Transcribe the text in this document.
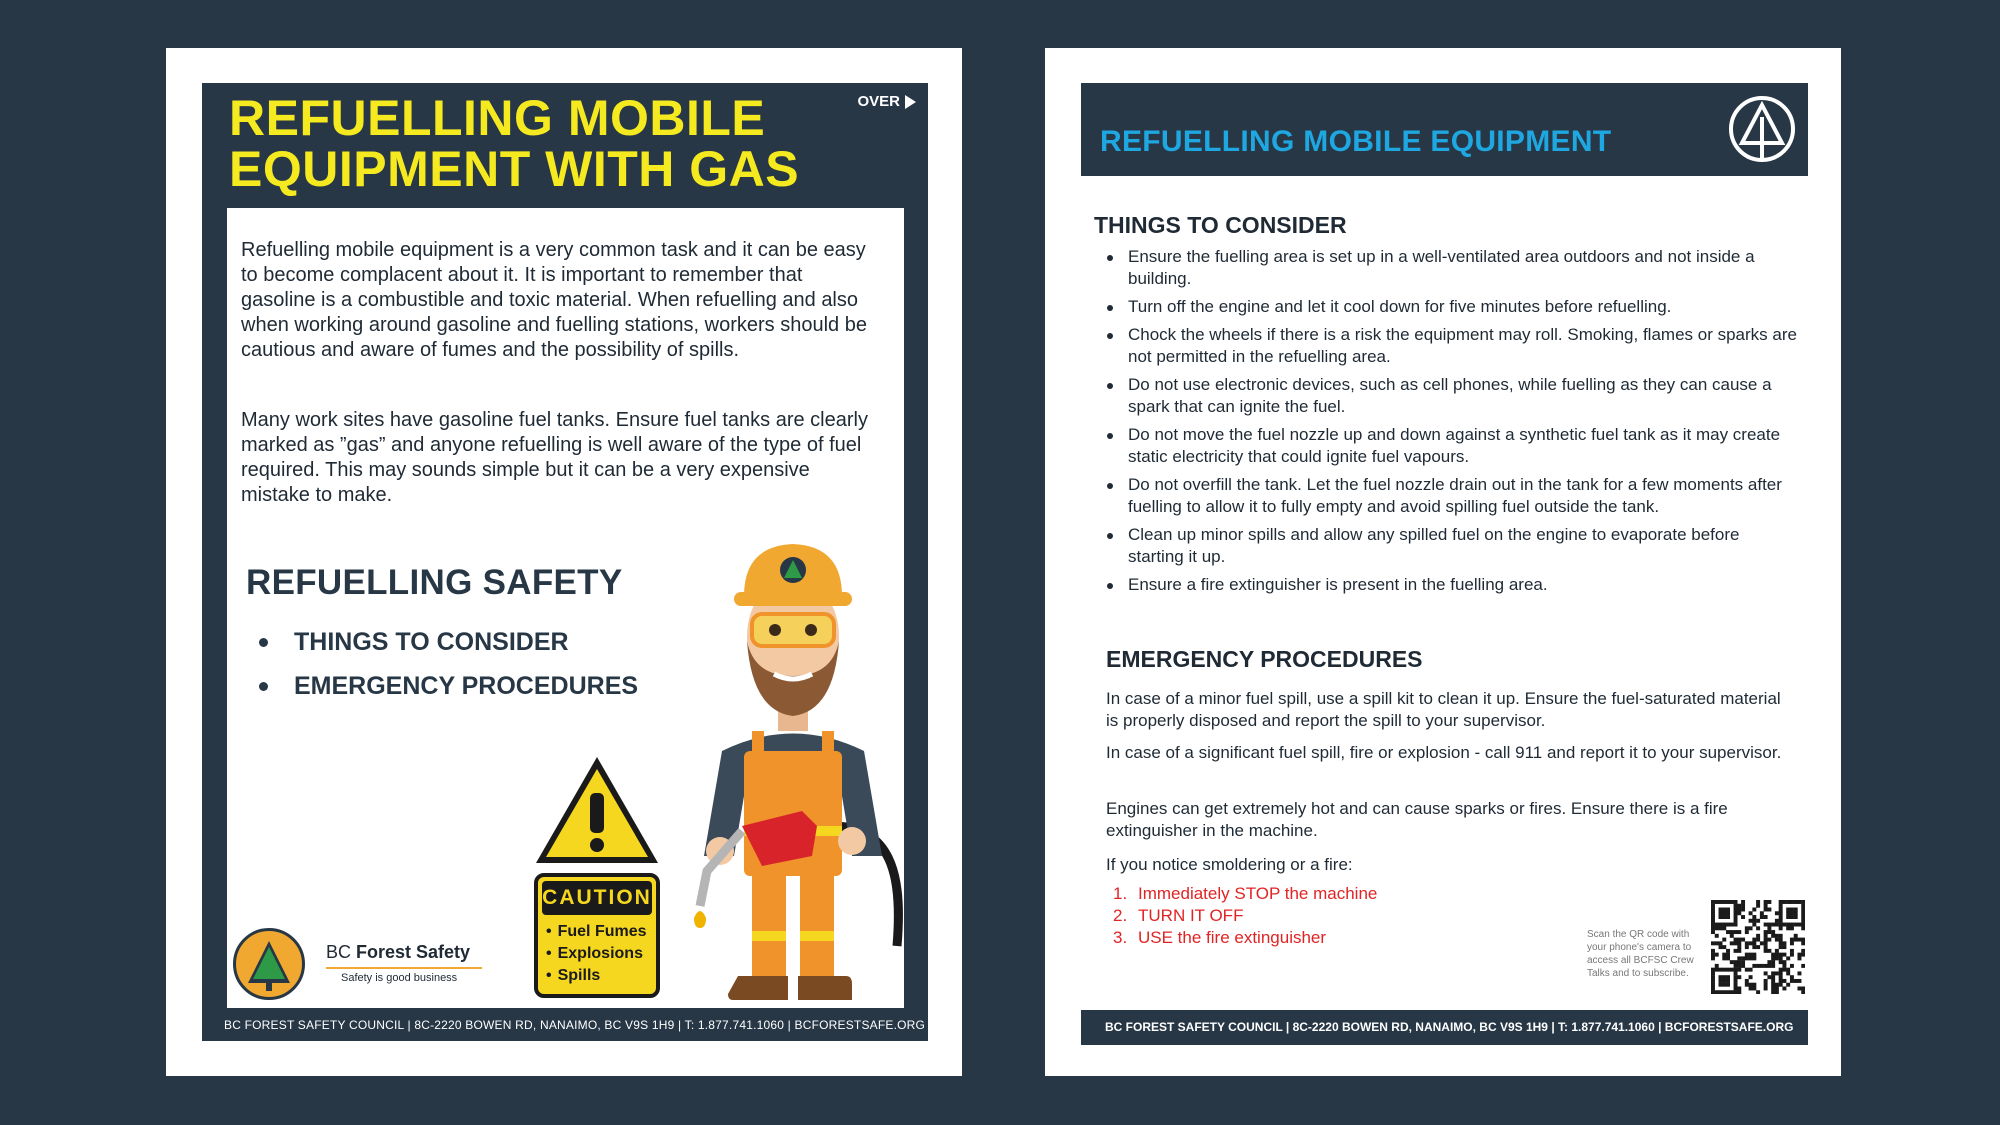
REFUELLING MOBILE
EQUIPMENT WITH GAS
OVER

Refuelling mobile equipment is a very common task and it can be easy to become complacent about it. It is important to remember that gasoline is a combustible and toxic material. When refuelling and also when working around gasoline and fuelling stations, workers should be cautious and aware of fumes and the possibility of spills.

Many work sites have gasoline fuel tanks. Ensure fuel tanks are clearly marked as ”gas” and anyone refuelling is well aware of the type of fuel required. This may sounds simple but it can be a very expensive mistake to make.

REFUELLING SAFETY
THINGS TO CONSIDER
EMERGENCY PROCEDURES
CAUTION
• Fuel Fumes
• Explosions
• Spills
BC Forest Safety
Safety is good business
BC FOREST SAFETY COUNCIL | 8C-2220 BOWEN RD, NANAIMO, BC V9S 1H9 | T: 1.877.741.1060 | BCFORESTSAFE.ORG
REFUELLING MOBILE EQUIPMENT
THINGS TO CONSIDER
Ensure the fuelling area is set up in a well-ventilated area outdoors and not inside a building.
Turn off the engine and let it cool down for five minutes before refuelling.
Chock the wheels if there is a risk the equipment may roll. Smoking, flames or sparks are not permitted in the refuelling area.
Do not use electronic devices, such as cell phones, while fuelling as they can cause a spark that can ignite the fuel.
Do not move the fuel nozzle up and down against a synthetic fuel tank as it may create static electricity that could ignite fuel vapours.
Do not overfill the tank. Let the fuel nozzle drain out in the tank for a few moments after fuelling to allow it to fully empty and avoid spilling fuel outside the tank.
Clean up minor spills and allow any spilled fuel on the engine to evaporate before starting it up.
Ensure a fire extinguisher is present in the fuelling area.
EMERGENCY PROCEDURES

In case of a minor fuel spill, use a spill kit to clean it up. Ensure the fuel-saturated material is properly disposed and report the spill to your supervisor.

In case of a significant fuel spill, fire or explosion - call 911 and report it to your supervisor.

Engines can get extremely hot and can cause sparks or fires. Ensure there is a fire extinguisher in the machine.

If you notice smoldering or a fire:

1. Immediately STOP the machine
2. TURN IT OFF
3. USE the fire extinguisher	Scan the QR code with your phone's camera to access all BCFSC Crew Talks and to subscribe.
BC FOREST SAFETY COUNCIL | 8C-2220 BOWEN RD, NANAIMO, BC V9S 1H9 | T: 1.877.741.1060 | BCFORESTSAFE.ORG
